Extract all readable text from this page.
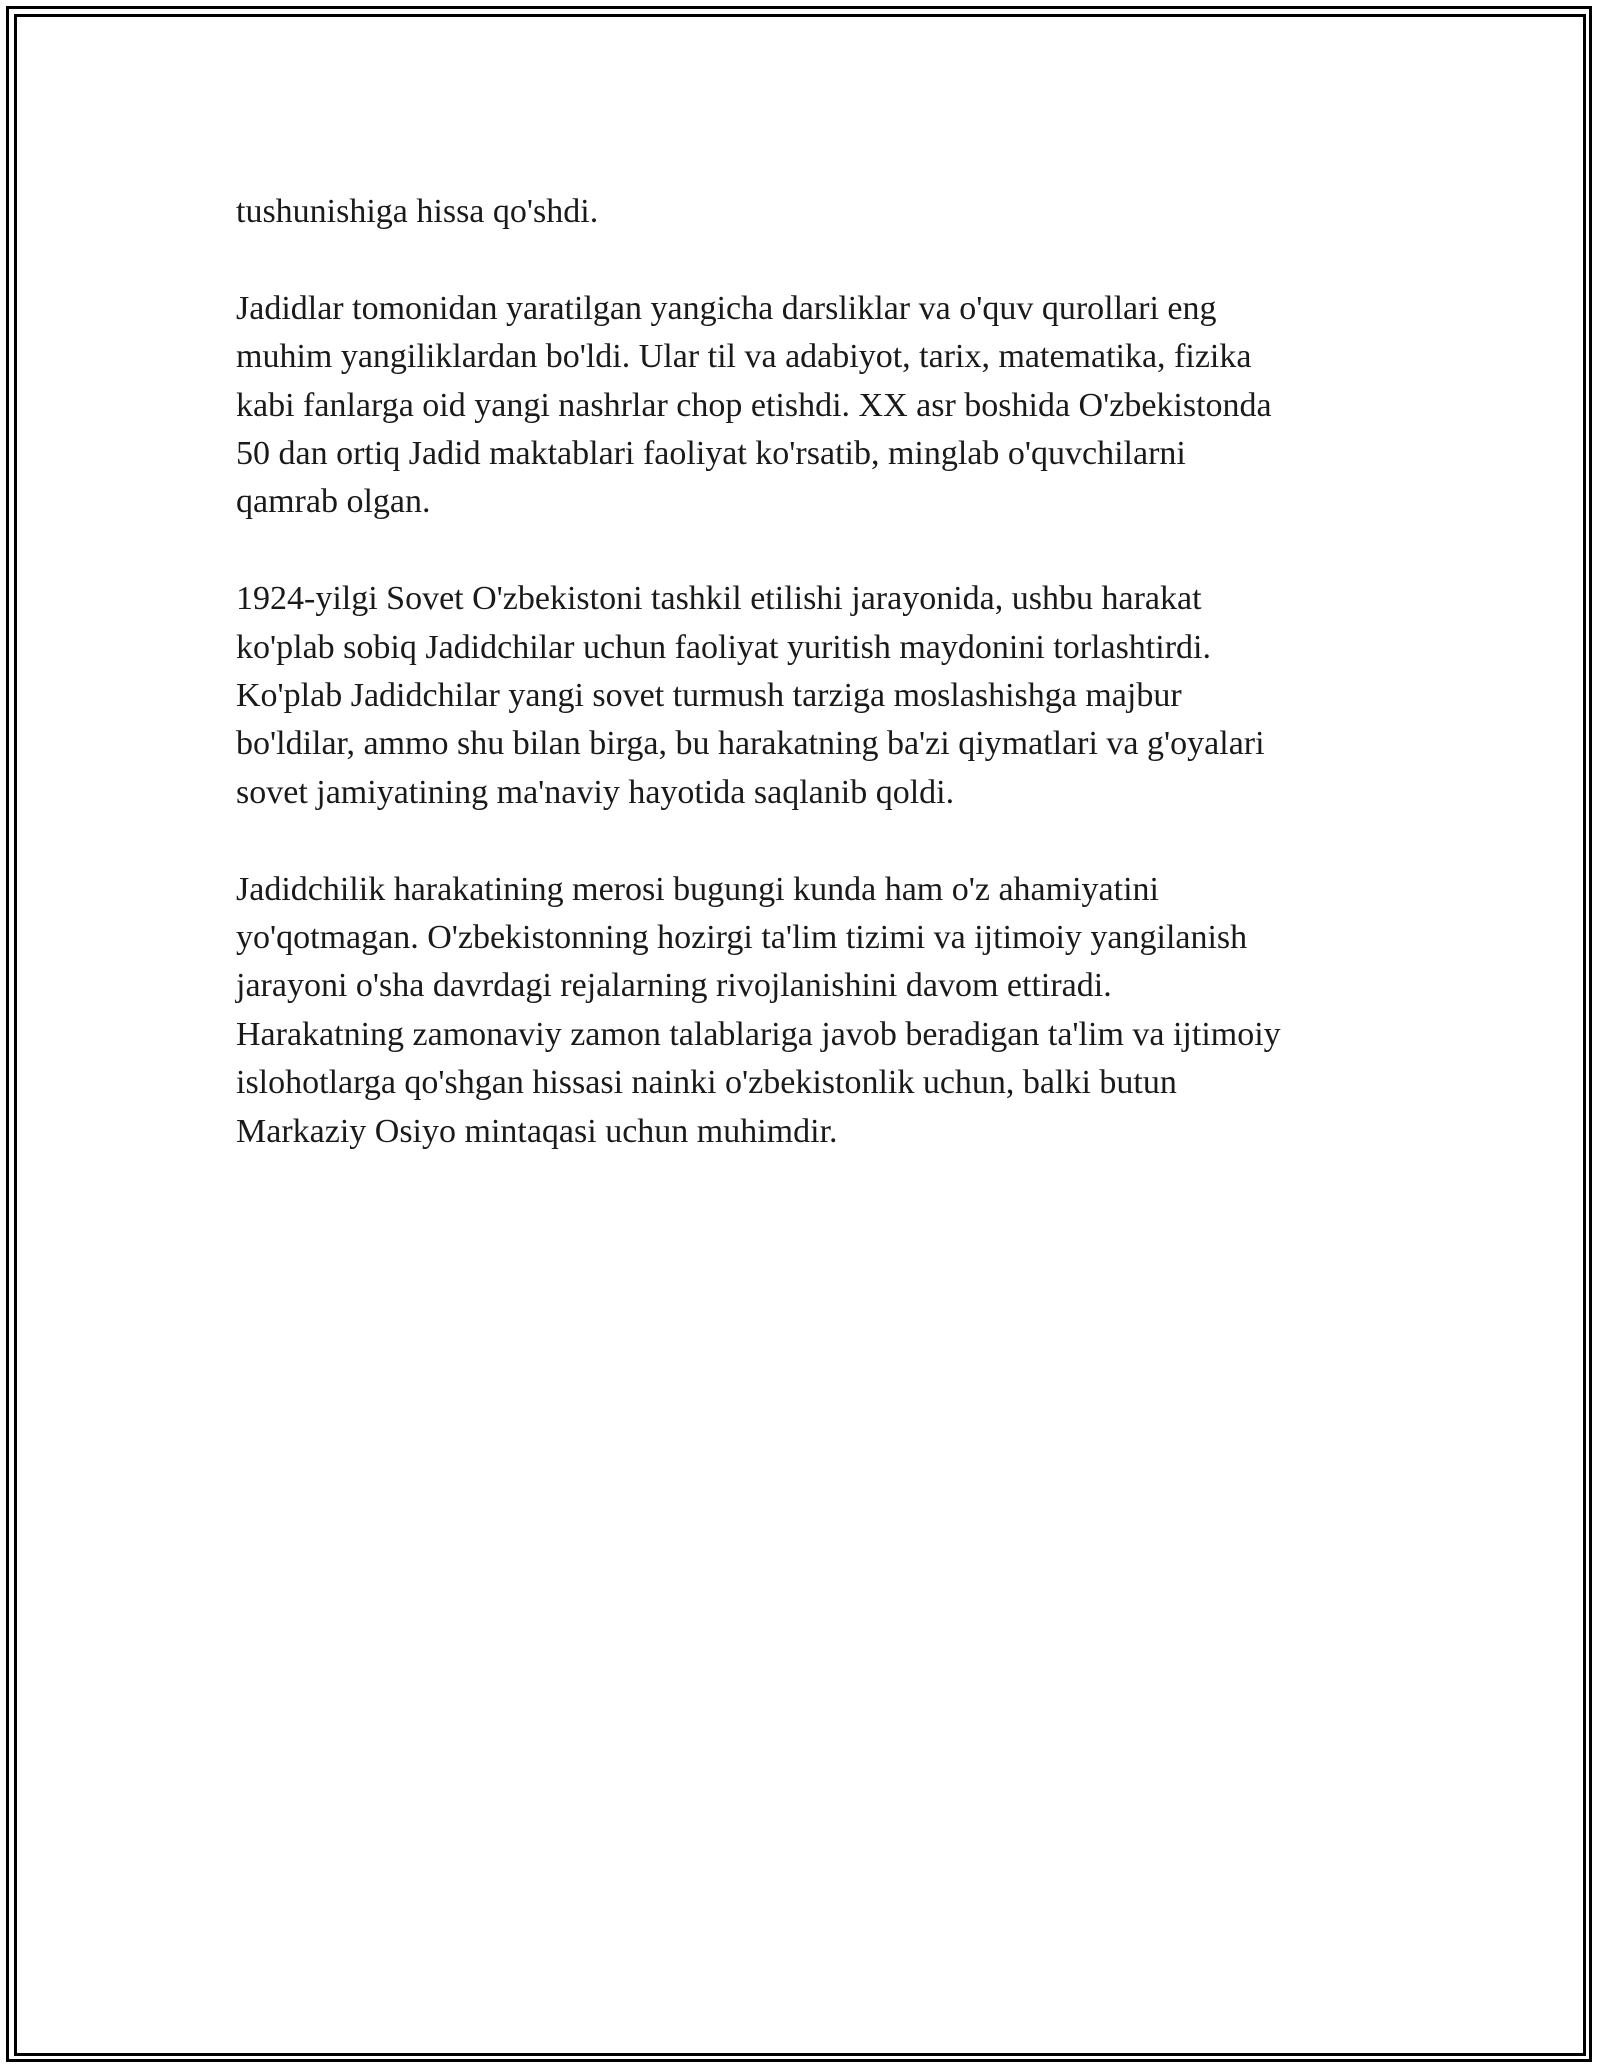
tushunishiga hissa qo'shdi.

Jadidlar tomonidan yaratilgan yangicha darsliklar va o'quv qurollari eng
muhim yangiliklardan bo'ldi. Ular til va adabiyot, tarix, matematika, fizika
kabi fanlarga oid yangi nashrlar chop etishdi. XX asr boshida O'zbekistonda
50 dan ortiq Jadid maktablari faoliyat ko'rsatib, minglab o'quvchilarni
qamrab olgan.

1924-yilgi Sovet O'zbekistoni tashkil etilishi jarayonida, ushbu harakat
ko'plab sobiq Jadidchilar uchun faoliyat yuritish maydonini torlashtirdi.
Ko'plab Jadidchilar yangi sovet turmush tarziga moslashishga majbur
bo'ldilar, ammo shu bilan birga, bu harakatning ba'zi qiymatlari va g'oyalari
sovet jamiyatining ma'naviy hayotida saqlanib qoldi.

Jadidchilik harakatining merosi bugungi kunda ham o'z ahamiyatini
yo'qotmagan. O'zbekistonning hozirgi ta'lim tizimi va ijtimoiy yangilanish
jarayoni o'sha davrdagi rejalarning rivojlanishini davom ettiradi.
Harakatning zamonaviy zamon talablariga javob beradigan ta'lim va ijtimoiy
islohotlarga qo'shgan hissasi nainki o'zbekistonlik uchun, balki butun
Markaziy Osiyo mintaqasi uchun muhimdir.
